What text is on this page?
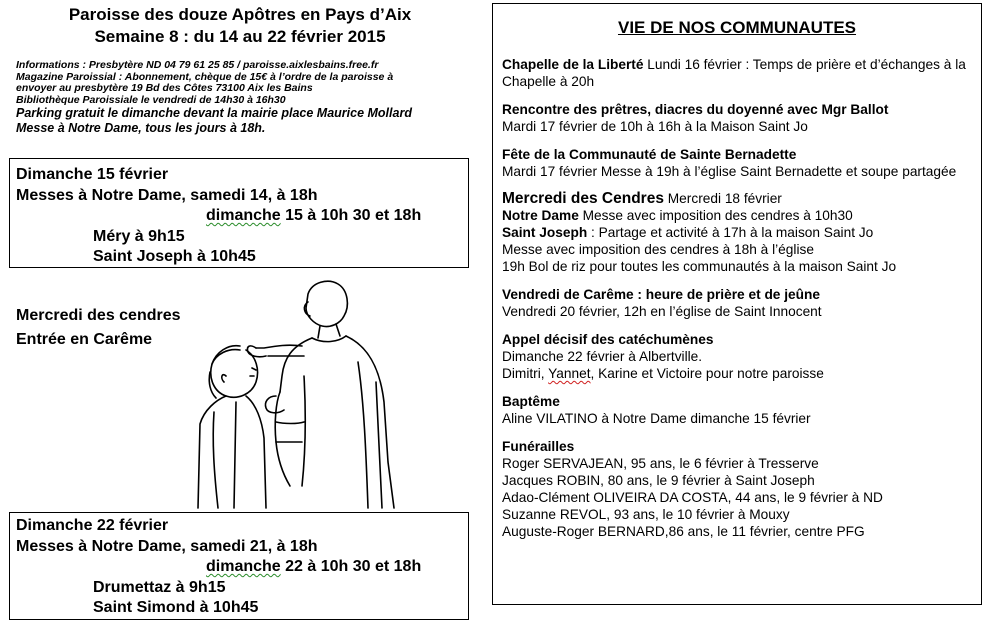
Paroisse des douze Apôtres en Pays d’Aix
Semaine 8 : du 14 au 22 février 2015
Informations : Presbytère ND 04 79 61 25 85 / paroisse.aixlesbains.free.fr
Magazine Paroissial : Abonnement, chèque de 15€ à l’ordre de la paroisse à
envoyer au presbytère 19 Bd des Côtes 73100 Aix les Bains
Bibliothèque Paroissiale le vendredi de 14h30 à 16h30
Parking gratuit le dimanche devant la mairie place Maurice Mollard
Messe à Notre Dame, tous les jours à 18h.
Dimanche 15 février
Messes à Notre Dame, samedi 14, à 18h
dimanche 15 à 10h 30 et 18h
Méry à 9h15
Saint Joseph à 10h45
Mercredi des cendres
Entrée en Carême
Dimanche 22 février
Messes à Notre Dame, samedi 21, à 18h
dimanche 22 à 10h 30 et 18h
Drumettaz à 9h15
Saint Simond à 10h45
VIE DE NOS COMMUNAUTES
Chapelle de la Liberté Lundi 16 février : Temps de prière et d’échanges à la Chapelle à 20h
Rencontre des prêtres, diacres du doyenné avec Mgr Ballot
Mardi 17 février de 10h à 16h à la Maison Saint Jo
Fête de la Communauté de Sainte Bernadette
Mardi 17 février Messe à 19h à l’église Saint Bernadette et soupe partagée
Mercredi des Cendres Mercredi 18 février
Notre Dame Messe avec imposition des cendres à 10h30
Saint Joseph : Partage et activité à 17h à la maison Saint Jo
Messe avec imposition des cendres à 18h à l’église
19h Bol de riz pour toutes les communautés à la maison Saint Jo
Vendredi de Carême : heure de prière et de jeûne
Vendredi 20 février, 12h en l’église de Saint Innocent
Appel décisif des catéchumènes
Dimanche 22 février à Albertville.
Dimitri, Yannet, Karine et Victoire pour notre paroisse
Baptême
Aline VILATINO à Notre Dame dimanche 15 février
Funérailles
Roger SERVAJEAN, 95 ans, le 6 février à Tresserve
Jacques ROBIN, 80 ans, le 9 février à Saint Joseph
Adao-Clément OLIVEIRA DA COSTA, 44 ans, le 9 février à ND
Suzanne REVOL, 93 ans, le 10 février à Mouxy
Auguste-Roger BERNARD,86 ans, le 11 février, centre PFG
